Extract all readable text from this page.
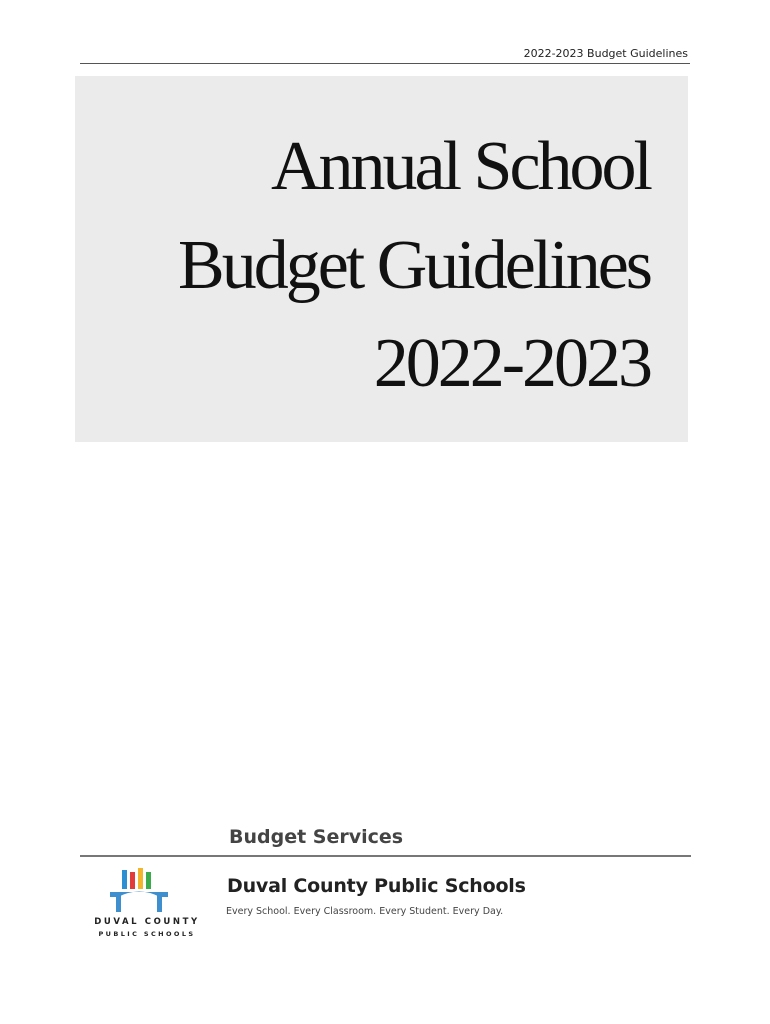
2022-2023 Budget Guidelines
Annual School
Budget Guidelines
2022-2023
Budget Services
DUVAL COUNTY
PUBLIC SCHOOLS
Duval County Public Schools
Every School. Every Classroom. Every Student. Every Day.
